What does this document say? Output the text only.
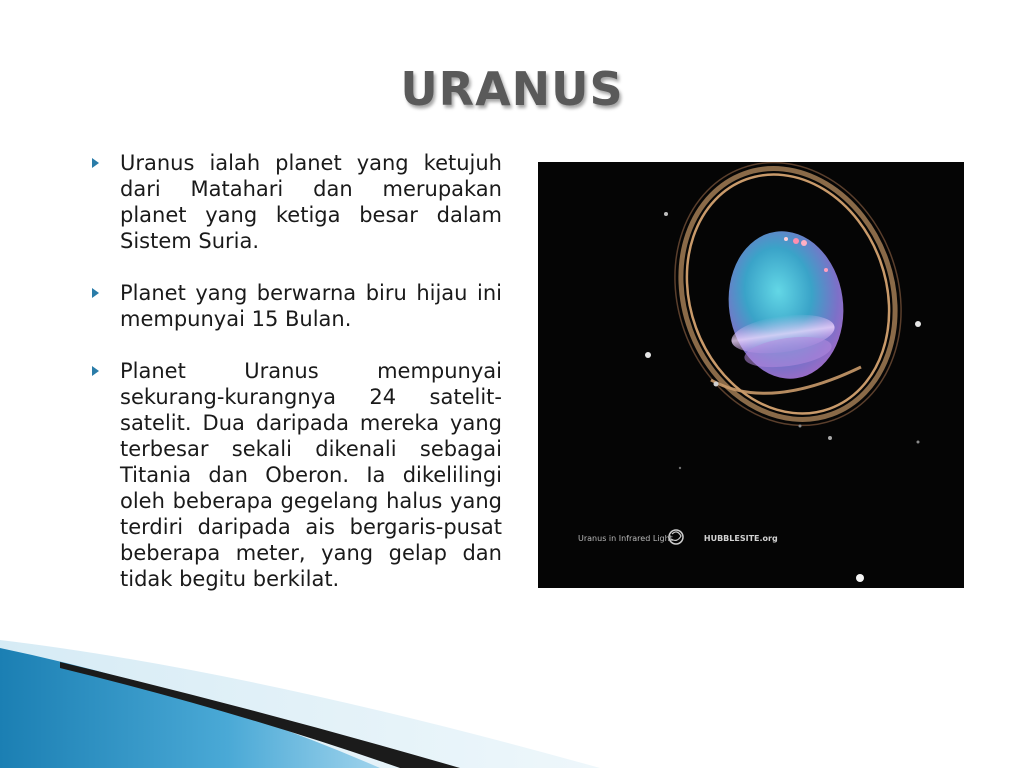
URANUS
Uranus ialah planet yang ketujuh dari Matahari dan merupakan planet yang ketiga besar dalam Sistem Suria.
Planet yang berwarna biru hijau ini mempunyai 15 Bulan.
Planet Uranus mempunyai sekurang-kurangnya 24 satelit-satelit. Dua daripada mereka yang terbesar sekali dikenali sebagai Titania dan Oberon. Ia dikelilingi oleh beberapa gegelang halus yang terdiri daripada ais bergaris-pusat beberapa meter, yang gelap dan tidak begitu berkilat.
Uranus in Infrared Light	HUBBLESITE.org
